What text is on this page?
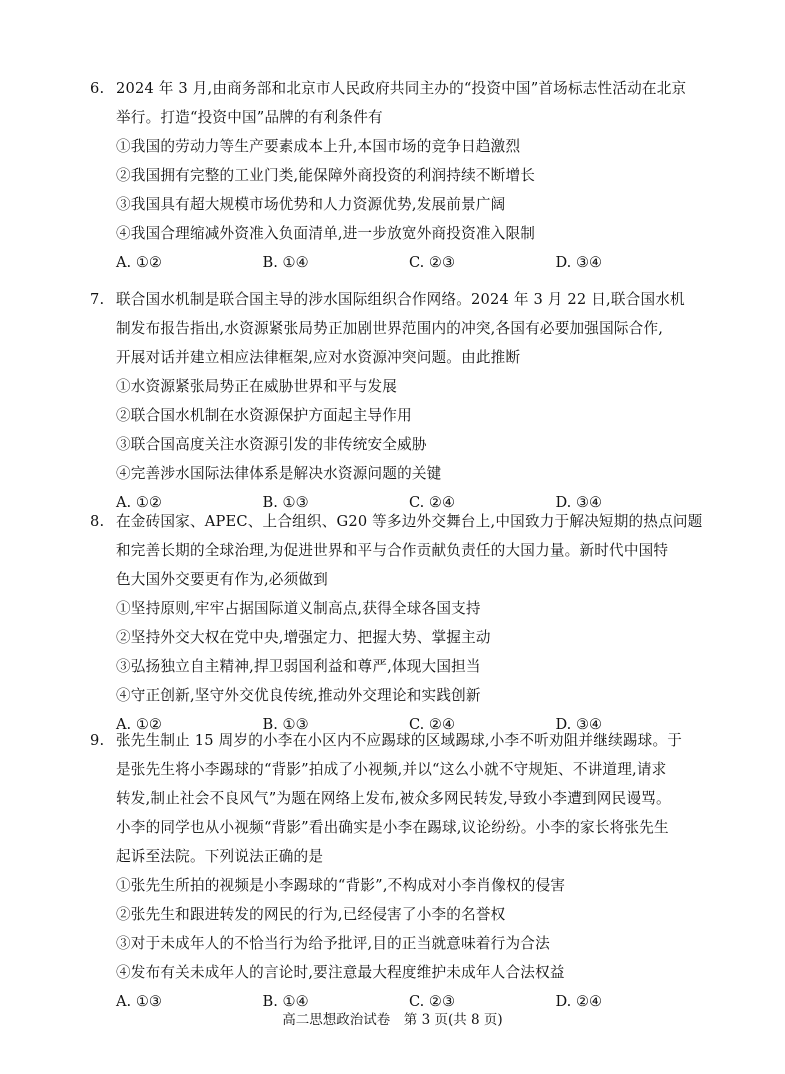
6. 2024 年 3 月,由商务部和北京市人民政府共同主办的“投资中国”首场标志性活动在北京
举行。打造“投资中国”品牌的有利条件有
①我国的劳动力等生产要素成本上升,本国市场的竞争日趋激烈
②我国拥有完整的工业门类,能保障外商投资的利润持续不断增长
③我国具有超大规模市场优势和人力资源优势,发展前景广阔
④我国合理缩减外资准入负面清单,进一步放宽外商投资准入限制
A. ①②	B. ①④	C. ②③	D. ③④
7. 联合国水机制是联合国主导的涉水国际组织合作网络。2024 年 3 月 22 日,联合国水机
制发布报告指出,水资源紧张局势正加剧世界范围内的冲突,各国有必要加强国际合作,
开展对话并建立相应法律框架,应对水资源冲突问题。由此推断
①水资源紧张局势正在威胁世界和平与发展
②联合国水机制在水资源保护方面起主导作用
③联合国高度关注水资源引发的非传统安全威胁
④完善涉水国际法律体系是解决水资源问题的关键
A. ①②	B. ①③	C. ②④	D. ③④
8. 在金砖国家、APEC、上合组织、G20 等多边外交舞台上,中国致力于解决短期的热点问题
和完善长期的全球治理,为促进世界和平与合作贡献负责任的大国力量。新时代中国特
色大国外交要更有作为,必须做到
①坚持原则,牢牢占据国际道义制高点,获得全球各国支持
②坚持外交大权在党中央,增强定力、把握大势、掌握主动
③弘扬独立自主精神,捍卫弱国利益和尊严,体现大国担当
④守正创新,坚守外交优良传统,推动外交理论和实践创新
A. ①②	B. ①③	C. ②④	D. ③④
9. 张先生制止 15 周岁的小李在小区内不应踢球的区域踢球,小李不听劝阻并继续踢球。于
是张先生将小李踢球的“背影”拍成了小视频,并以“这么小就不守规矩、不讲道理,请求
转发,制止社会不良风气”为题在网络上发布,被众多网民转发,导致小李遭到网民谩骂。
小李的同学也从小视频“背影”看出确实是小李在踢球,议论纷纷。小李的家长将张先生
起诉至法院。下列说法正确的是
①张先生所拍的视频是小李踢球的“背影”,不构成对小李肖像权的侵害
②张先生和跟进转发的网民的行为,已经侵害了小李的名誉权
③对于未成年人的不恰当行为给予批评,目的正当就意味着行为合法
④发布有关未成年人的言论时,要注意最大程度维护未成年人合法权益
A. ①③	B. ①④	C. ②③	D. ②④
高二思想政治试卷　第 3 页(共 8 页)
